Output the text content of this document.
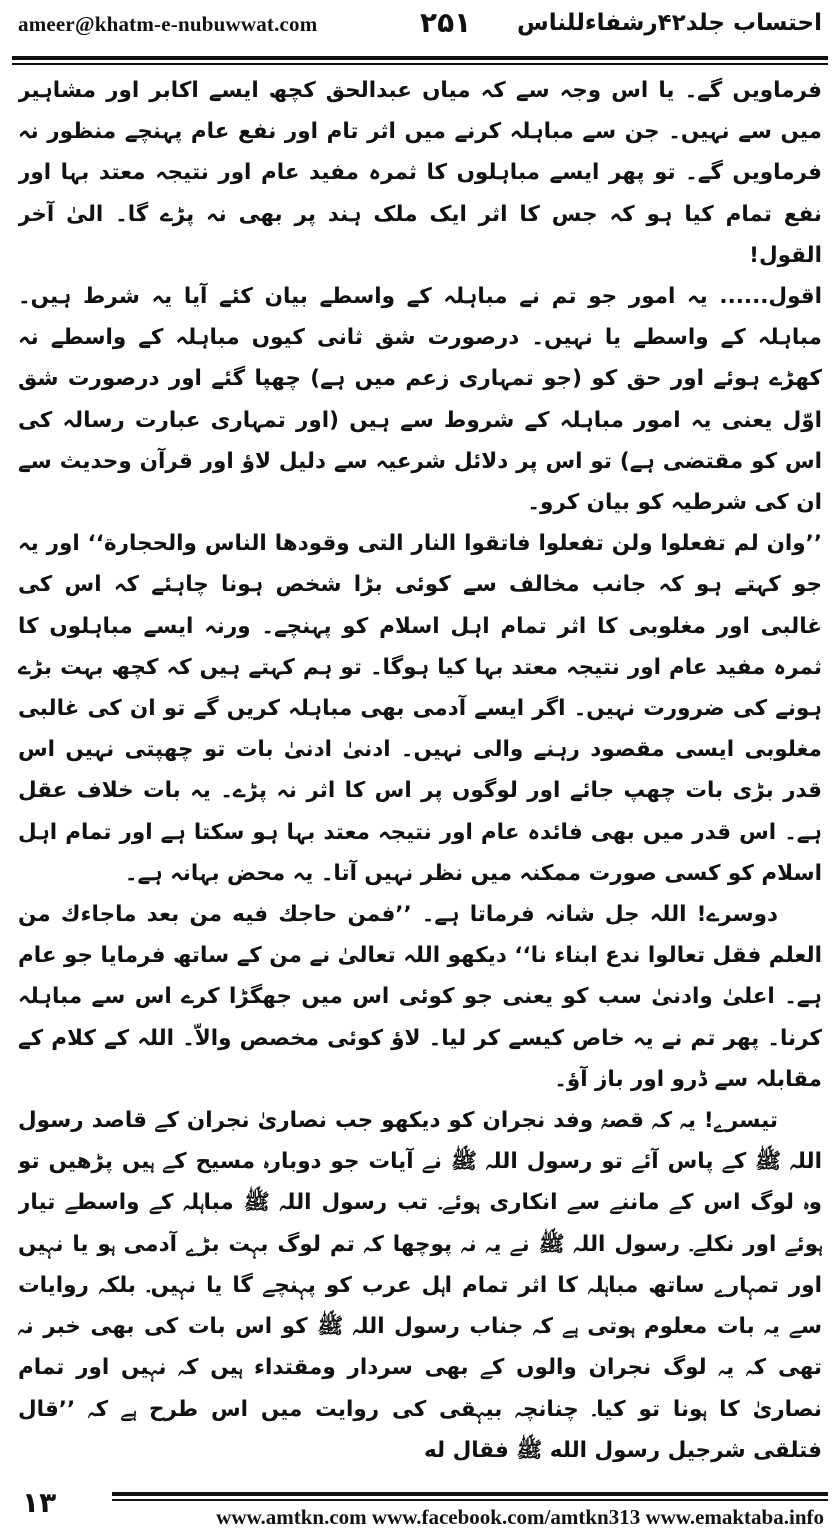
ameer@khatm-e-nubuwwat.com	۲۵۱ احتساب جلد۴۲رشفاءللناس

فرماویں گے۔ یا اس وجہ سے کہ میاں عبدالحق کچھ ایسے اکابر اور مشاہیر میں سے نہیں۔ جن سے مباہلہ کرنے میں اثر تام اور نفع عام پہنچے منظور نہ فرماویں گے۔ تو پھر ایسے مباہلوں کا ثمرہ مفید عام اور نتیجہ معتد بہا اور نفع تمام کیا ہو کہ جس کا اثر ایک ملک ہند پر بھی نہ پڑے گا۔ الیٰ آخر القول!

اقول...... یہ امور جو تم نے مباہلہ کے واسطے بیان کئے آیا یہ شرط ہیں۔ مباہلہ کے واسطے یا نہیں۔ درصورت شق ثانی کیوں مباہلہ کے واسطے نہ کھڑے ہوئے اور حق کو (جو تمہاری زعم میں ہے) چھپا گئے اور درصورت شق اوّل یعنی یہ امور مباہلہ کے شروط سے ہیں (اور تمہاری عبارت رسالہ کی اس کو مقتضی ہے) تو اس پر دلائل شرعیہ سے دلیل لاؤ اور قرآن وحدیث سے ان کی شرطیہ کو بیان کرو۔

’’وان لم تفعلوا ولن تفعلوا فاتقوا النار التی وقودها الناس والحجارة‘‘ اور یہ جو کہتے ہو کہ جانب مخالف سے کوئی بڑا شخص ہونا چاہئے کہ اس کی غالبی اور مغلوبی کا اثر تمام اہل اسلام کو پہنچے۔ ورنہ ایسے مباہلوں کا ثمرہ مفید عام اور نتیجہ معتد بہا کیا ہوگا۔ تو ہم کہتے ہیں کہ کچھ بہت بڑے ہونے کی ضرورت نہیں۔ اگر ایسے آدمی بھی مباہلہ کریں گے تو ان کی غالبی مغلوبی ایسی مقصود رہنے والی نہیں۔ ادنیٰ ادنیٰ بات تو چھپتی نہیں اس قدر بڑی بات چھپ جائے اور لوگوں پر اس کا اثر نہ پڑے۔ یہ بات خلاف عقل ہے۔ اس قدر میں بھی فائدہ عام اور نتیجہ معتد بہا ہو سکتا ہے اور تمام اہل اسلام کو کسی صورت ممکنہ میں نظر نہیں آتا۔ یہ محض بہانہ ہے۔

دوسرے! اللہ جل شانہ فرماتا ہے۔ ’’فمن حاجك فيه من بعد ماجاءك من العلم فقل تعالوا ندع ابناء نا‘‘ دیکھو اللہ تعالیٰ نے من کے ساتھ فرمایا جو عام ہے۔ اعلیٰ وادنیٰ سب کو یعنی جو کوئی اس میں جھگڑا کرے اس سے مباہلہ کرنا۔ پھر تم نے یہ خاص کیسے کر لیا۔ لاؤ کوئی مخصص والاّ۔ اللہ کے کلام کے مقابلہ سے ڈرو اور باز آؤ۔

تیسرے! یہ کہ قصۂ وفد نجران کو دیکھو جب نصاریٰ نجران کے قاصد رسول اللہ ﷺ کے پاس آئے تو رسول اللہ ﷺ نے آیات جو دوبارہ مسیح کے ہیں پڑھیں تو وہ لوگ اس کے ماننے سے انکاری ہوئے۔ تب رسول اللہ ﷺ مباہلہ کے واسطے تیار ہوئے اور نکلے۔ رسول اللہ ﷺ نے یہ نہ پوچھا کہ تم لوگ بہت بڑے آدمی ہو یا نہیں اور تمہارے ساتھ مباہلہ کا اثر تمام اہل عرب کو پہنچے گا یا نہیں۔ بلکہ روایات سے یہ بات معلوم ہوتی ہے کہ جناب رسول اللہ ﷺ کو اس بات کی بھی خبر نہ تھی کہ یہ لوگ نجران والوں کے بھی سردار ومقتداء ہیں کہ نہیں اور تمام نصاریٰ کا ہونا تو کیا۔ چنانچہ بیہقی کی روایت میں اس طرح ہے کہ ’’قال فتلقی شرجيل رسول الله ﷺ فقال له

۱۳	www.amtkn.com www.facebook.com/amtkn313 www.emaktaba.info
